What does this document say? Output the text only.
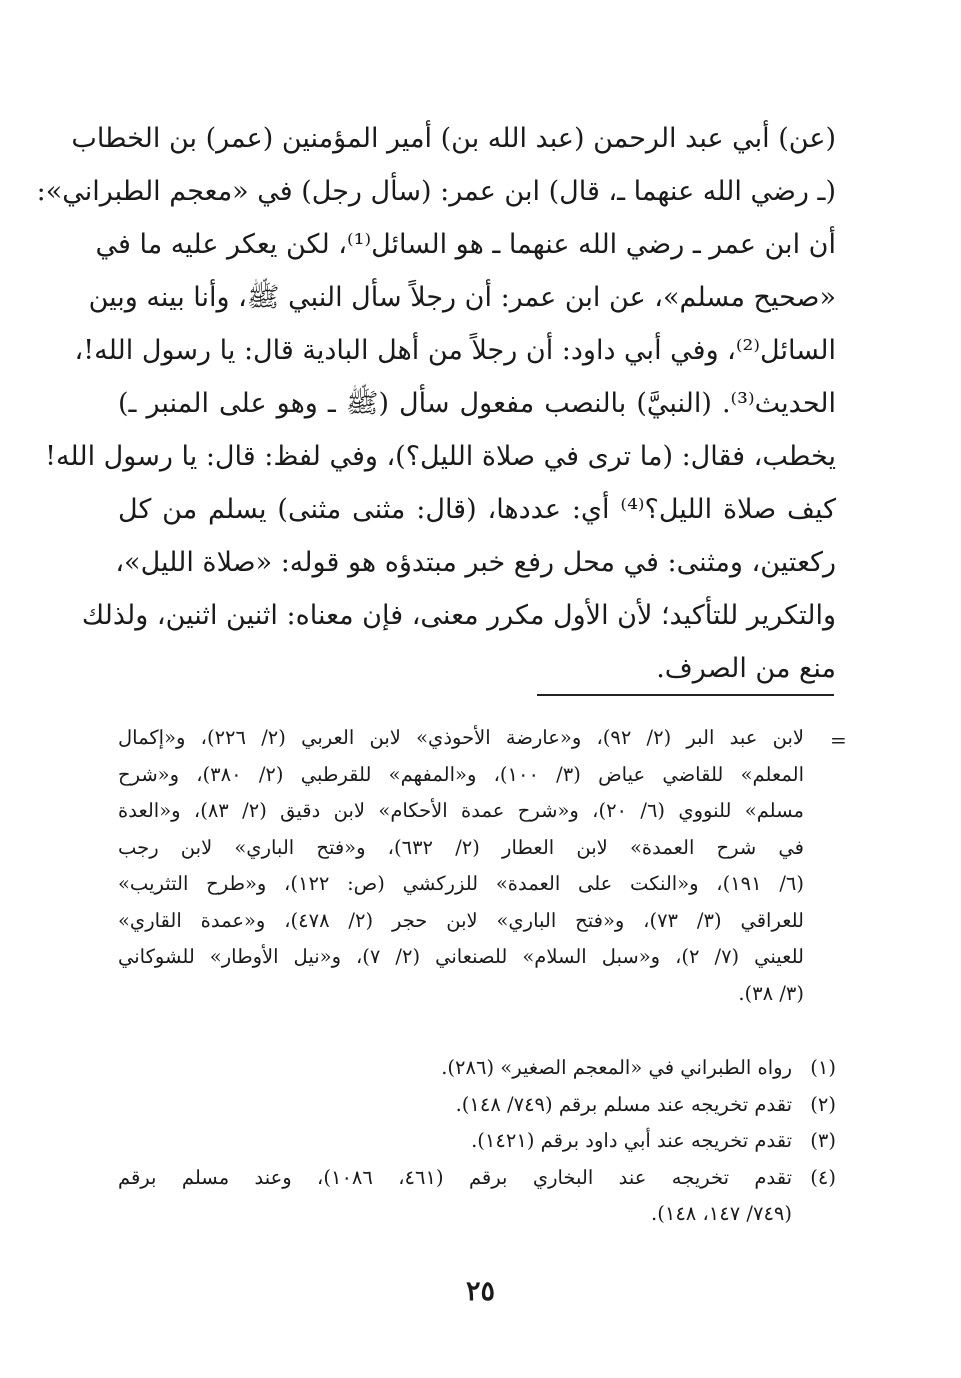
(عن) أبي عبد الرحمن (عبد الله بن) أمير المؤمنين (عمر) بن الخطاب
(ـ رضي الله عنهما ـ، قال) ابن عمر: (سأل رجل) في «معجم الطبراني»:
أن ابن عمر ـ رضي الله عنهما ـ هو السائل⁽¹⁾، لكن يعكر عليه ما في
«صحيح مسلم»، عن ابن عمر: أن رجلاً سأل النبي ﷺ، وأنا بينه وبين
السائل⁽²⁾، وفي أبي داود: أن رجلاً من أهل البادية قال: يا رسول الله!،
الحديث⁽³⁾. (النبيَّ) بالنصب مفعول سأل (ﷺ ـ وهو على المنبر ـ)
يخطب، فقال: (ما ترى في صلاة الليل؟)، وفي لفظ: قال: يا رسول الله!
كيف صلاة الليل؟⁽⁴⁾ أي: عددها، (قال: مثنى مثنى) يسلم من كل
ركعتين، ومثنى: في محل رفع خبر مبتدؤه هو قوله: «صلاة الليل»،
والتكرير للتأكيد؛ لأن الأول مكرر معنى، فإن معناه: اثنين اثنين، ولذلك
منع من الصرف.
=
لابن عبد البر (٢/ ٩٢)، و«عارضة الأحوذي» لابن العربي (٢/ ٢٢٦)، و«إكمال
المعلم» للقاضي عياض (٣/ ١٠٠)، و«المفهم» للقرطبي (٢/ ٣٨٠)، و«شرح
مسلم» للنووي (٦/ ٢٠)، و«شرح عمدة الأحكام» لابن دقيق (٢/ ٨٣)، و«العدة
في شرح العمدة» لابن العطار (٢/ ٦٣٢)، و«فتح الباري» لابن رجب
(٦/ ١٩١)، و«النكت على العمدة» للزركشي (ص: ١٢٢)، و«طرح التثريب»
للعراقي (٣/ ٧٣)، و«فتح الباري» لابن حجر (٢/ ٤٧٨)، و«عمدة القاري»
للعيني (٧/ ٢)، و«سبل السلام» للصنعاني (٢/ ٧)، و«نيل الأوطار» للشوكاني
(٣/ ٣٨).
(١)
رواه الطبراني في «المعجم الصغير» (٢٨٦).
(٢)
تقدم تخريجه عند مسلم برقم (٧٤٩/ ١٤٨).
(٣)
تقدم تخريجه عند أبي داود برقم (١٤٢١).
(٤)
تقدم تخريجه عند البخاري برقم (٤٦١، ١٠٨٦)، وعند مسلم برقم
(٧٤٩/ ١٤٧، ١٤٨).
٢٥
